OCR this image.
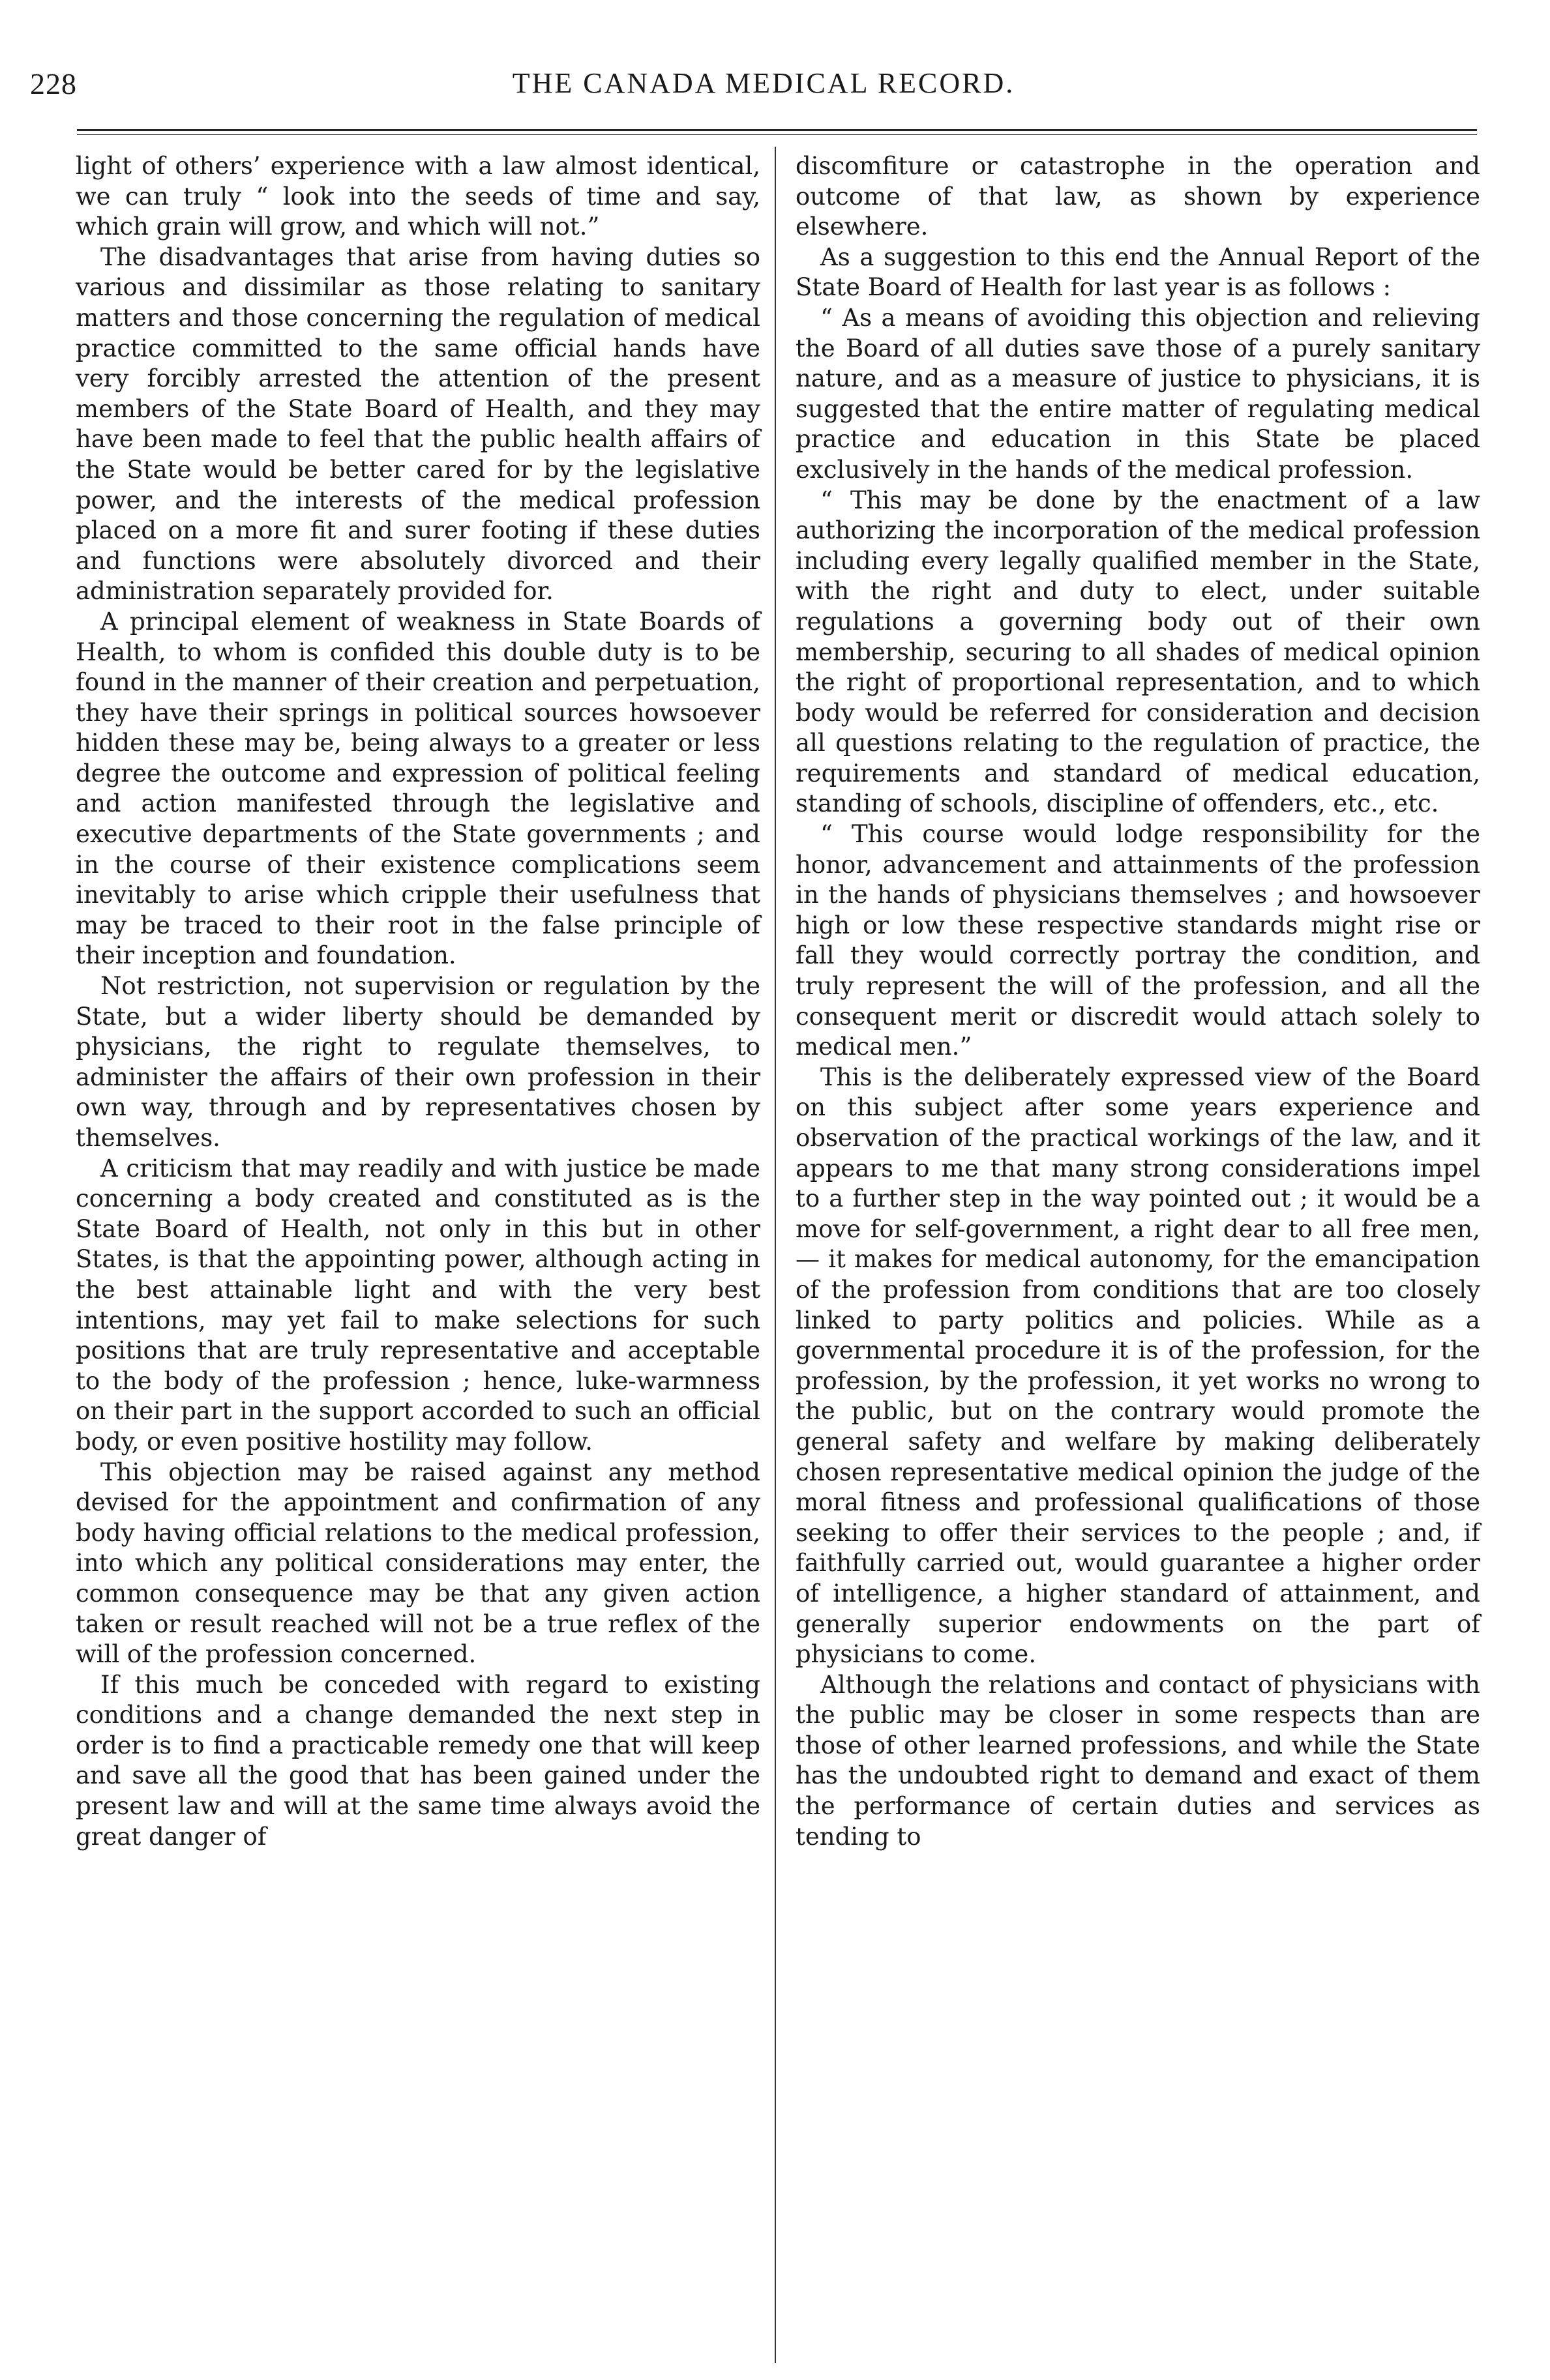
228	THE CANADA MEDICAL RECORD.

light of others’ experience with a law almost identical, we can truly “ look into the seeds of time and say, which grain will grow, and which will not.”

The disadvantages that arise from having duties so various and dissimilar as those relating to sanitary matters and those concerning the regulation of medical practice committed to the same official hands have very forcibly arrested the attention of the present members of the State Board of Health, and they may have been made to feel that the public health affairs of the State would be better cared for by the legislative power, and the interests of the medical profession placed on a more fit and surer footing if these duties and functions were absolutely divorced and their administration separately provided for.

A principal element of weakness in State Boards of Health, to whom is confided this double duty is to be found in the manner of their creation and perpetuation, they have their springs in political sources howsoever hidden these may be, being always to a greater or less degree the outcome and expression of political feeling and action manifested through the legislative and executive departments of the State governments ; and in the course of their existence complications seem inevitably to arise which cripple their usefulness that may be traced to their root in the false principle of their inception and foundation.

Not restriction, not supervision or regulation by the State, but a wider liberty should be demanded by physicians, the right to regulate themselves, to administer the affairs of their own profession in their own way, through and by representatives chosen by themselves.

A criticism that may readily and with justice be made concerning a body created and constituted as is the State Board of Health, not only in this but in other States, is that the appointing power, although acting in the best attainable light and with the very best intentions, may yet fail to make selections for such positions that are truly representative and acceptable to the body of the profession ; hence, luke-warmness on their part in the support accorded to such an official body, or even positive hostility may follow.

This objection may be raised against any method devised for the appointment and confirmation of any body having official relations to the medical profession, into which any political considerations may enter, the common consequence may be that any given action taken or result reached will not be a true reflex of the will of the profession concerned.

If this much be conceded with regard to existing conditions and a change demanded the next step in order is to find a practicable remedy one that will keep and save all the good that has been gained under the present law and will at the same time always avoid the great danger of

discomfiture or catastrophe in the operation and outcome of that law, as shown by experience elsewhere.

As a suggestion to this end the Annual Report of the State Board of Health for last year is as follows :

“ As a means of avoiding this objection and relieving the Board of all duties save those of a purely sanitary nature, and as a measure of justice to physicians, it is suggested that the entire matter of regulating medical practice and education in this State be placed exclusively in the hands of the medical profession.

“ This may be done by the enactment of a law authorizing the incorporation of the medical profession including every legally qualified member in the State, with the right and duty to elect, under suitable regulations a governing body out of their own membership, securing to all shades of medical opinion the right of proportional representation, and to which body would be referred for consideration and decision all questions relating to the regulation of practice, the requirements and standard of medical education, standing of schools, discipline of offenders, etc., etc.

“ This course would lodge responsibility for the honor, advancement and attainments of the profession in the hands of physicians themselves ; and howsoever high or low these respective standards might rise or fall they would correctly portray the condition, and truly represent the will of the profession, and all the consequent merit or discredit would attach solely to medical men.”

This is the deliberately expressed view of the Board on this subject after some years experience and observation of the practical workings of the law, and it appears to me that many strong considerations impel to a further step in the way pointed out ; it would be a move for self-government, a right dear to all free men,— it makes for medical autonomy, for the emancipation of the profession from conditions that are too closely linked to party politics and policies. While as a governmental procedure it is of the profession, for the profession, by the profession, it yet works no wrong to the public, but on the contrary would promote the general safety and welfare by making deliberately chosen representative medical opinion the judge of the moral fitness and professional qualifications of those seeking to offer their services to the people ; and, if faithfully carried out, would guarantee a higher order of intelligence, a higher standard of attainment, and generally superior endowments on the part of physicians to come.

Although the relations and contact of physicians with the public may be closer in some respects than are those of other learned professions, and while the State has the undoubted right to demand and exact of them the performance of certain duties and services as tending to
